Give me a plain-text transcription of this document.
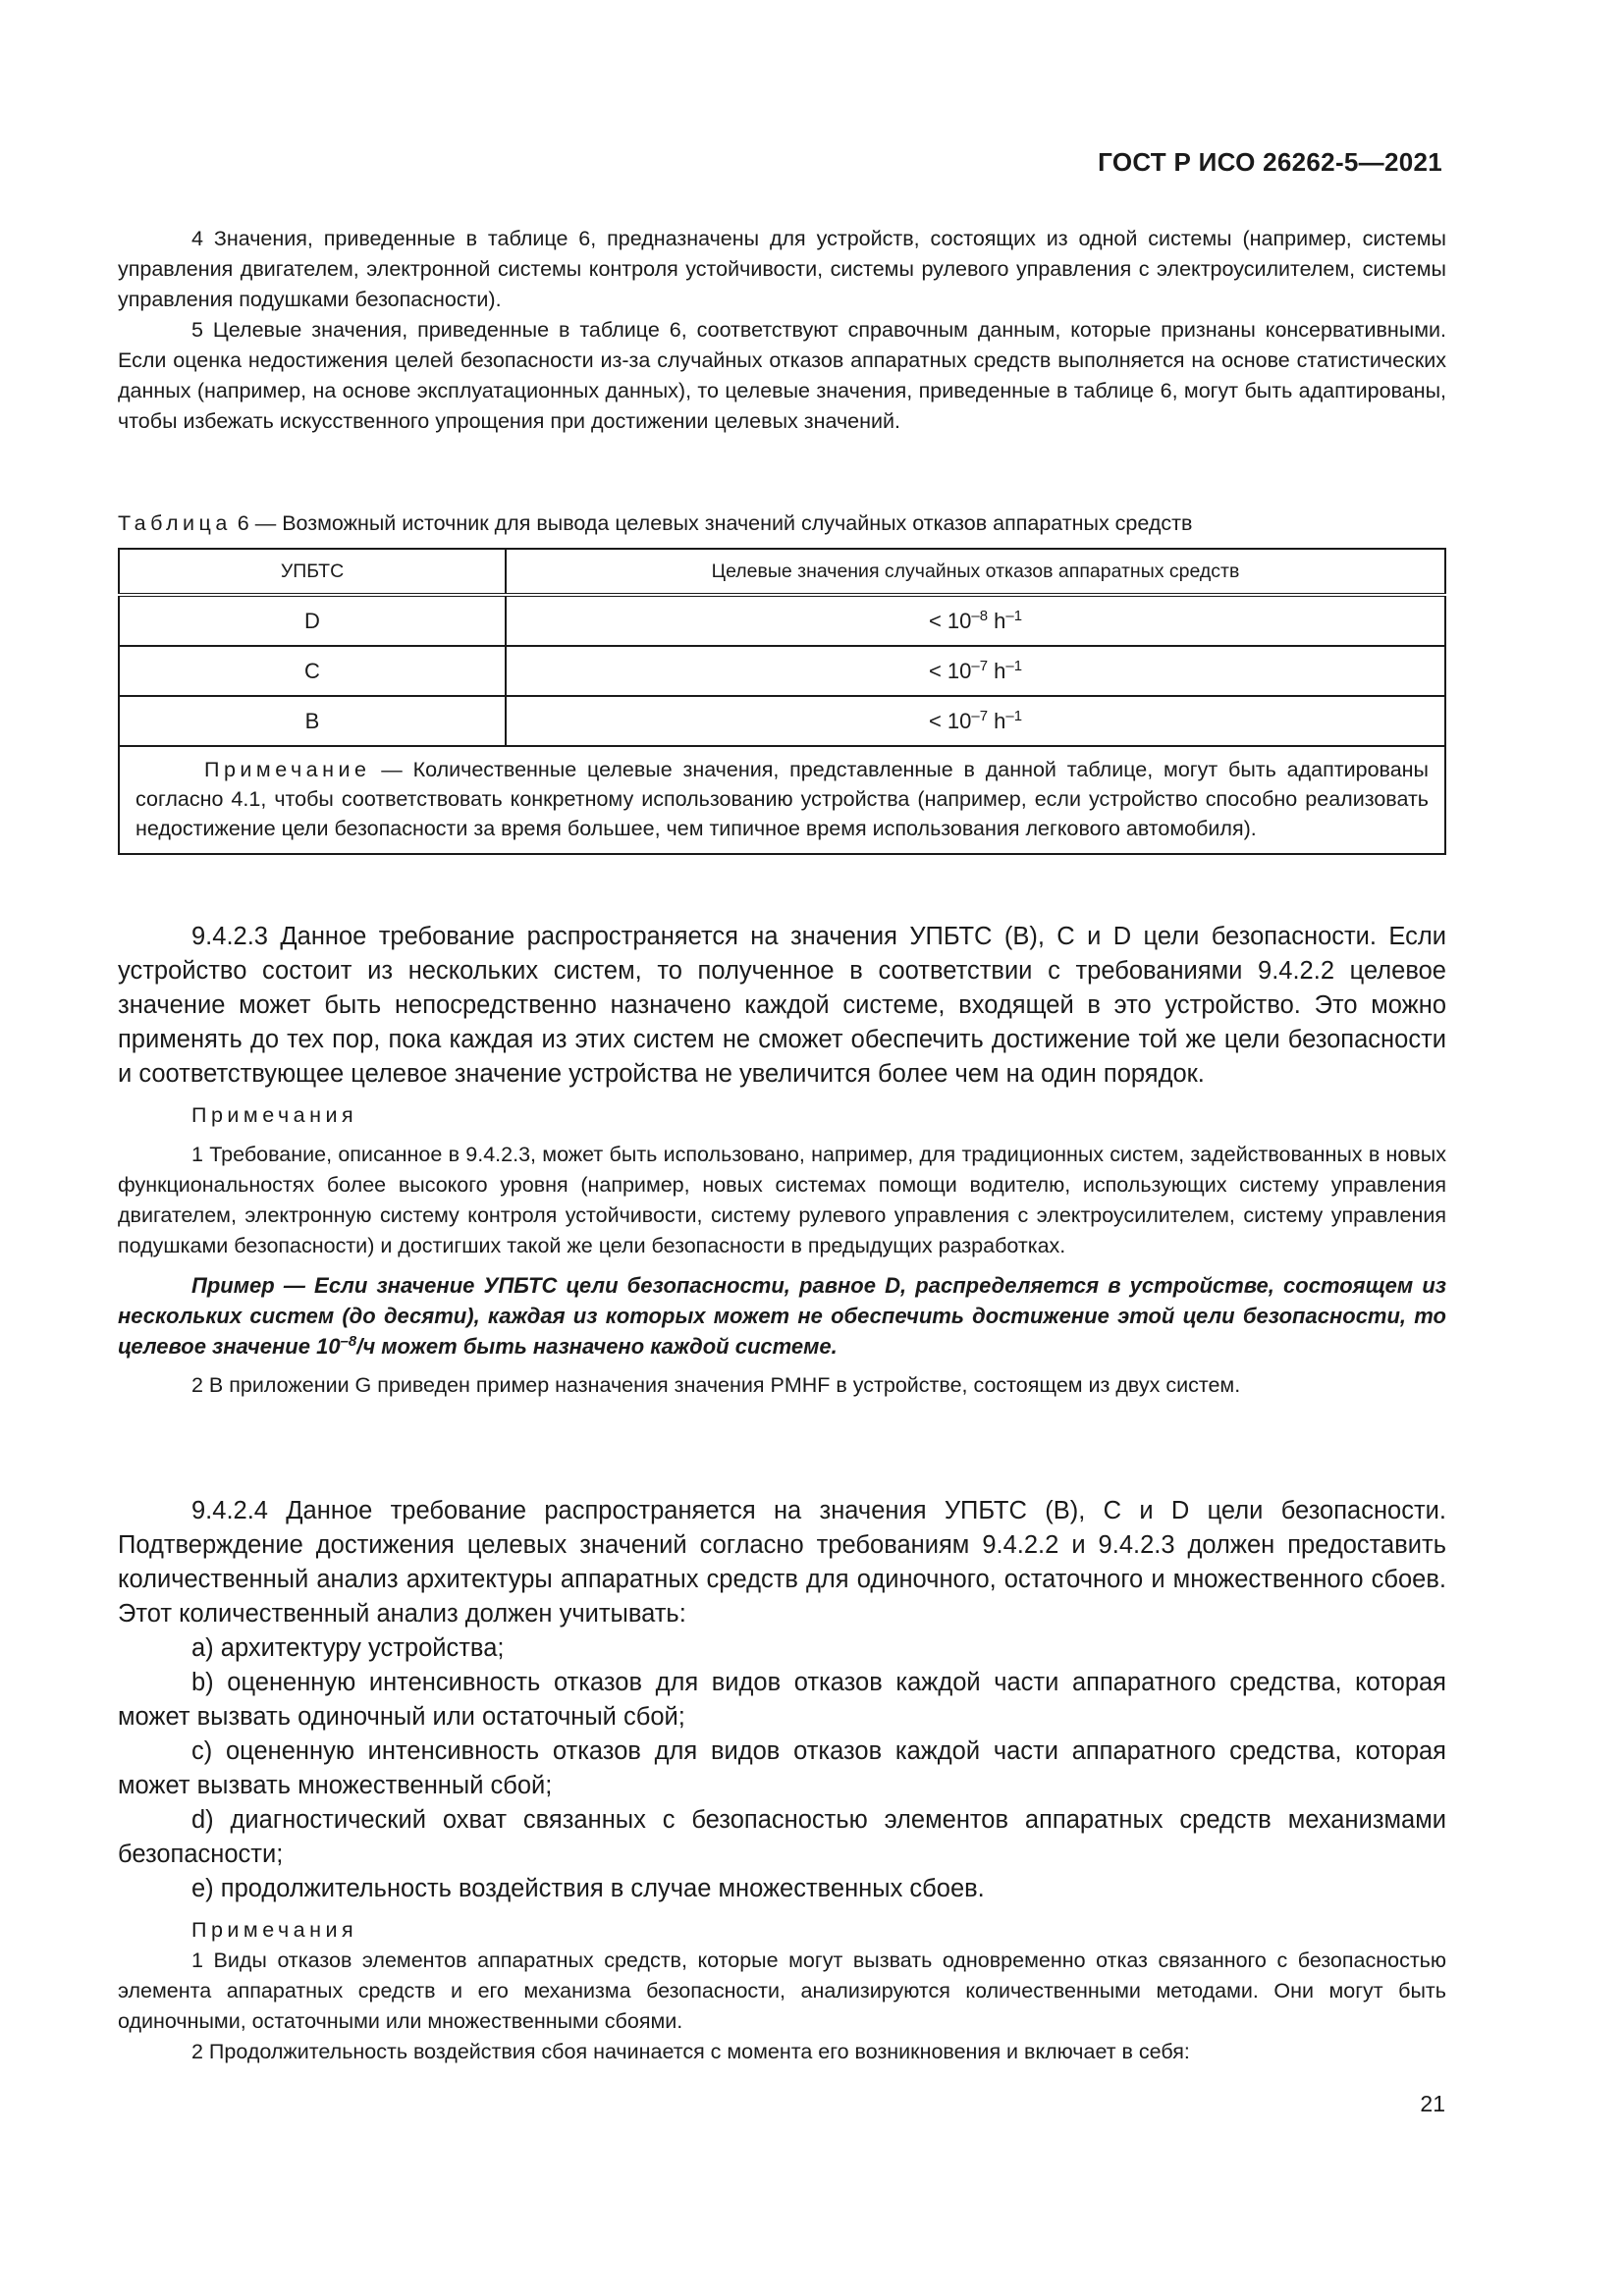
ГОСТ Р ИСО 26262-5—2021

4 Значения, приведенные в таблице 6, предназначены для устройств, состоящих из одной системы (например, системы управления двигателем, электронной системы контроля устойчивости, системы рулевого управления с электроусилителем, системы управления подушками безопасности).

5 Целевые значения, приведенные в таблице 6, соответствуют справочным данным, которые признаны консервативными. Если оценка недостижения целей безопасности из-за случайных отказов аппаратных средств выполняется на основе статистических данных (например, на основе эксплуатационных данных), то целевые значения, приведенные в таблице 6, могут быть адаптированы, чтобы избежать искусственного упрощения при достижении целевых значений.

Таблица 6 — Возможный источник для вывода целевых значений случайных отказов аппаратных средств

УПБТС	Целевые значения случайных отказов аппаратных средств
D	< $10^{-8}$ $h^{-1}$
C	< $10^{-7}$ $h^{-1}$
B	< $10^{-7}$ $h^{-1}$
Примечание — Количественные целевые значения, представленные в данной таблице, могут быть адаптированы согласно 4.1, чтобы соответствовать конкретному использованию устройства (например, если устройство способно реализовать недостижение цели безопасности за время большее, чем типичное время использования легкового автомобиля).	

9.4.2.3 Данное требование распространяется на значения УПБТС (B), C и D цели безопасности. Если устройство состоит из нескольких систем, то полученное в соответствии с требованиями 9.4.2.2 целевое значение может быть непосредственно назначено каждой системе, входящей в это устройство. Это можно применять до тех пор, пока каждая из этих систем не сможет обеспечить достижение той же цели безопасности и соответствующее целевое значение устройства не увеличится более чем на один порядок.

Примечания

1 Требование, описанное в 9.4.2.3, может быть использовано, например, для традиционных систем, задействованных в новых функциональностях более высокого уровня (например, новых системах помощи водителю, использующих систему управления двигателем, электронную систему контроля устойчивости, систему рулевого управления с электроусилителем, систему управления подушками безопасности) и достигших такой же цели безопасности в предыдущих разработках.

Пример — Если значение УПБТС цели безопасности, равное D, распределяется в устройстве, состоящем из нескольких систем (до десяти), каждая из которых может не обеспечить достижение этой цели безопасности, то целевое значение $10^{-8}/ч$ может быть назначено каждой системе.

2 В приложении G приведен пример назначения значения PMHF в устройстве, состоящем из двух систем.

9.4.2.4 Данное требование распространяется на значения УПБТС (B), C и D цели безопасности. Подтверждение достижения целевых значений согласно требованиям 9.4.2.2 и 9.4.2.3 должен предоставить количественный анализ архитектуры аппаратных средств для одиночного, остаточного и множественного сбоев. Этот количественный анализ должен учитывать:

a) архитектуру устройства;

b) оцененную интенсивность отказов для видов отказов каждой части аппаратного средства, которая может вызвать одиночный или остаточный сбой;

c) оцененную интенсивность отказов для видов отказов каждой части аппаратного средства, которая может вызвать множественный сбой;

d) диагностический охват связанных с безопасностью элементов аппаратных средств механизмами безопасности;

e) продолжительность воздействия в случае множественных сбоев.

Примечания

1 Виды отказов элементов аппаратных средств, которые могут вызвать одновременно отказ связанного с безопасностью элемента аппаратных средств и его механизма безопасности, анализируются количественными методами. Они могут быть одиночными, остаточными или множественными сбоями.

2 Продолжительность воздействия сбоя начинается с момента его возникновения и включает в себя:

21
